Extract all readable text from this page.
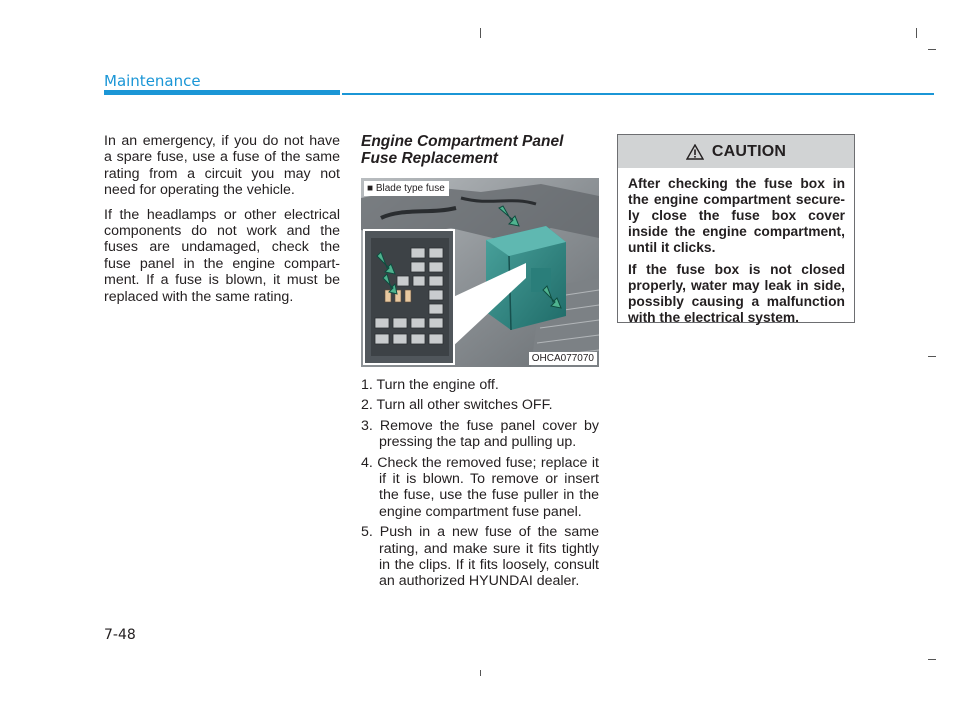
Maintenance

In an emergency, if you do not have a spare fuse, use a fuse of the same rating from a circuit you may not need for operating the vehicle.

If the headlamps or other electrical components do not work and the fuses are undamaged, check the fuse panel in the engine compart- ment. If a fuse is blown, it must be replaced with the same rating.

Engine Compartment Panel
Fuse Replacement
■ Blade type fuse
OHCA077070
1. Turn the engine off.
2. Turn all other switches OFF.
3. Remove the fuse panel cover by pressing the tap and pulling up.
4. Check the removed fuse; replace it if it is blown. To remove or insert the fuse, use the fuse puller in the engine compartment fuse panel.
5. Push in a new fuse of the same rating, and make sure it fits tightly in the clips. If it fits loosely, consult an authorized HYUNDAI dealer.
CAUTION

After checking the fuse box in the engine compartment secure- ly close the fuse box cover inside the engine compartment, until it clicks.

If the fuse box is not closed properly, water may leak in side, possibly causing a malfunction with the electrical system.

7-48
